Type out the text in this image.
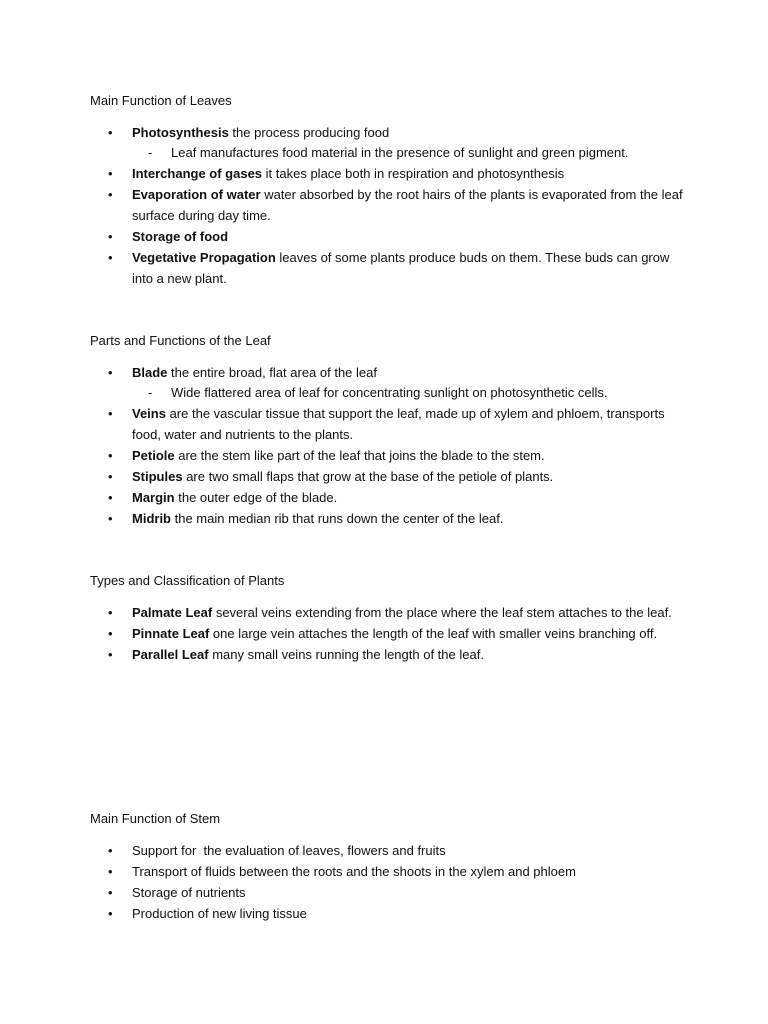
Main Function of Leaves
• Photosynthesis the process producing food
- Leaf manufactures food material in the presence of sunlight and green pigment.
• Interchange of gases it takes place both in respiration and photosynthesis
• Evaporation of water water absorbed by the root hairs of the plants is evaporated from the leaf surface during day time.
• Storage of food
• Vegetative Propagation leaves of some plants produce buds on them. These buds can grow into a new plant.
Parts and Functions of the Leaf
• Blade the entire broad, flat area of the leaf
- Wide flattered area of leaf for concentrating sunlight on photosynthetic cells.
• Veins are the vascular tissue that support the leaf, made up of xylem and phloem, transports food, water and nutrients to the plants.
• Petiole are the stem like part of the leaf that joins the blade to the stem.
• Stipules are two small flaps that grow at the base of the petiole of plants.
• Margin the outer edge of the blade.
• Midrib the main median rib that runs down the center of the leaf.
Types and Classification of Plants
• Palmate Leaf several veins extending from the place where the leaf stem attaches to the leaf.
• Pinnate Leaf one large vein attaches the length of the leaf with smaller veins branching off.
• Parallel Leaf many small veins running the length of the leaf.
Main Function of Stem
• Support for  the evaluation of leaves, flowers and fruits
• Transport of fluids between the roots and the shoots in the xylem and phloem
• Storage of nutrients
• Production of new living tissue
